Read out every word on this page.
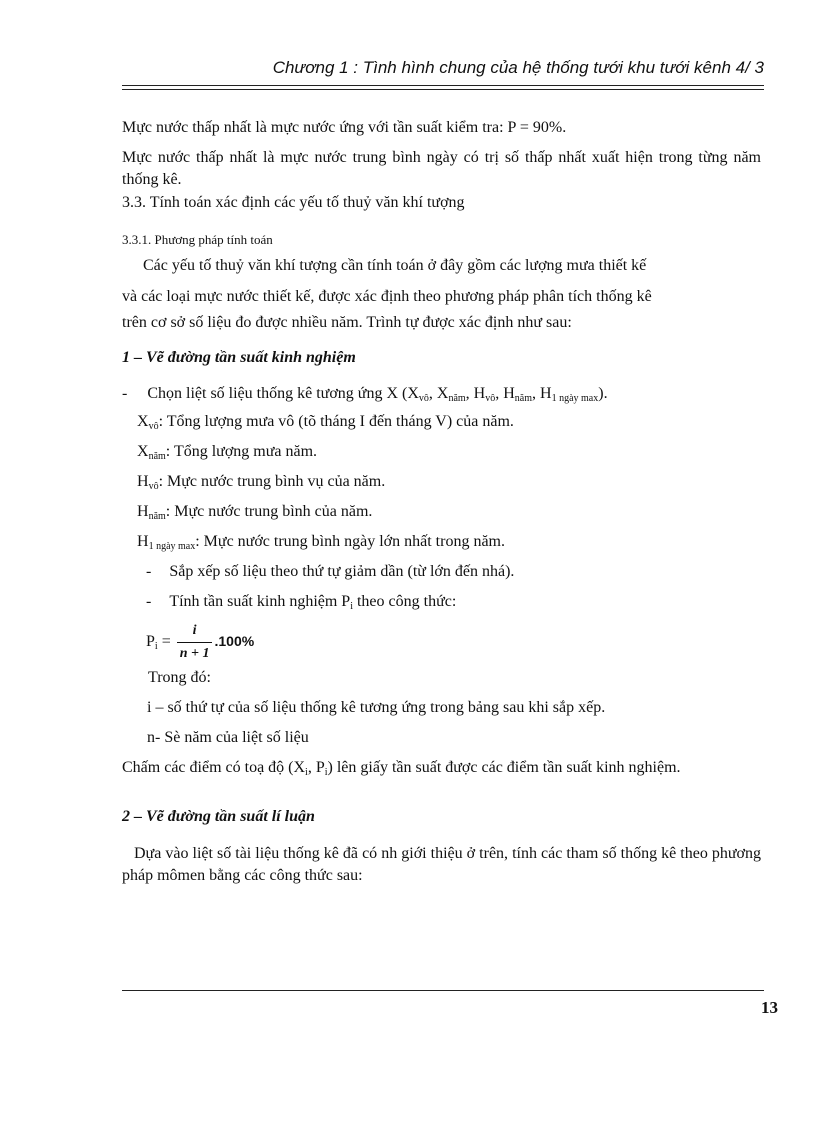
Chương 1 : Tình hình chung của hệ thống tưới khu tưới kênh 4/ 3
Mực nước thấp nhất là mực nước ứng với tần suất kiểm tra: P = 90%.
Mực nước thấp nhất là mực nước trung bình ngày có trị số thấp nhất xuất hiện trong từng năm thống kê.
3.3. Tính toán xác định các yếu tố thuỷ văn khí tượng
3.3.1. Phương pháp tính toán
Các yếu tố thuỷ văn khí tượng cần tính toán ở đây gồm các lượng mưa thiết kế
và các loại mực nước thiết kế, được xác định theo phương pháp phân tích thống kê
trên cơ sở số liệu đo được nhiều năm. Trình tự được xác định như sau:
1 – Vẽ đường tần suất kinh nghiệm
- Chọn liệt số liệu thống kê tương ứng X ($X_{vô}$, $X_{năm}$, $H_{vô}$, $H_{năm}$, $H_{1 ngày max}$).
$X_{vô}$: Tổng lượng mưa vô (tõ tháng I đến tháng V) của năm.
$X_{năm}$: Tổng lượng mưa năm.
$H_{vô}$: Mực nước trung bình vụ của năm.
$H_{năm}$: Mực nước trung bình của năm.
$H_{1 ngày max}$: Mực nước trung bình ngày lớn nhất trong năm.
- Sắp xếp số liệu theo thứ tự giảm dần (từ lớn đến nhá).
- Tính tần suất kinh nghiệm $P_i$ theo công thức:
$P_i = \frac{i}{n + 1} .100\%$
Trong đó:
i – số thứ tự của số liệu thống kê tương ứng trong bảng sau khi sắp xếp.
n- Sè năm của liệt số liệu
Chấm các điểm có toạ độ ($X_i$, $P_i$) lên giấy tần suất được các điểm tần suất kinh nghiệm.
2 – Vẽ đường tần suất lí luận
Dựa vào liệt số tài liệu thống kê đã có nh giới thiệu ở trên, tính các tham số thống kê theo phương pháp mômen bằng các công thức sau:
13
